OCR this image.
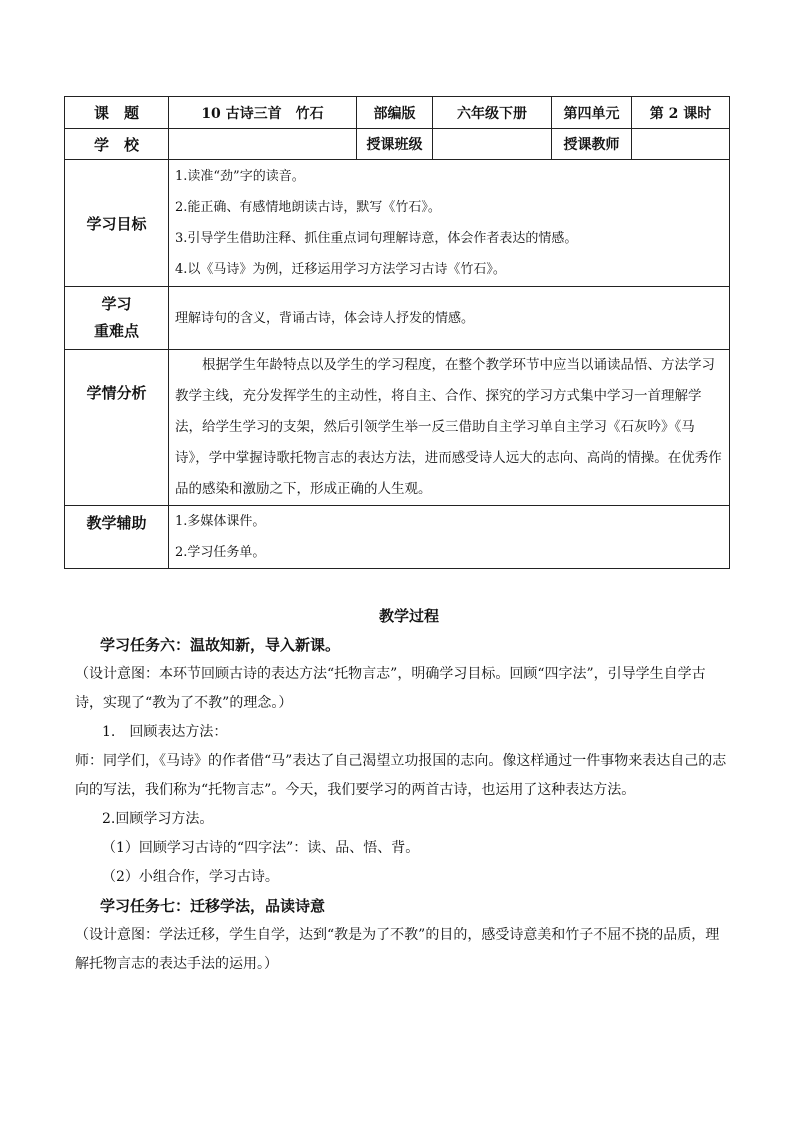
课　题	10 古诗三首　竹石	部编版	六年级下册	第四单元	第 2 课时
学　校		授课班级		授课教师	
学习目标	1.读准“劲”字的读音。
2.能正确、有感情地朗读古诗，默写《竹石》。
3.引导学生借助注释、抓住重点词句理解诗意，体会作者表达的情感。
4.以《马诗》为例，迁移运用学习方法学习古诗《竹石》。				

学习
重难点	理解诗句的含义，背诵古诗，体会诗人抒发的情感。				
学情分析	根据学生年龄特点以及学生的学习程度，在整个教学环节中应当以诵读品悟、方法学习教学主线，充分发挥学生的主动性，将自主、合作、探究的学习方式集中学习一首理解学法，给学生学习的支架，然后引领学生举一反三借助自主学习单自主学习《石灰吟》《马诗》，学中掌握诗歌托物言志的表达方法，进而感受诗人远大的志向、高尚的情操。在优秀作品的感染和激励之下，形成正确的人生观。				
教学辅助	1.多媒体课件。
2.学习任务单。				
教学过程

学习任务六：温故知新，导入新课。

（设计意图：本环节回顾古诗的表达方法“托物言志”，明确学习目标。回顾“四字法”，引导学生自学古诗，实现了“教为了不教”的理念。）

1.　回顾表达方法：

师：同学们，《马诗》的作者借“马”表达了自己渴望立功报国的志向。像这样通过一件事物来表达自己的志向的写法，我们称为“托物言志”。今天，我们要学习的两首古诗，也运用了这种表达方法。

2.回顾学习方法。

（1）回顾学习古诗的“四字法”：读、品、悟、背。

（2）小组合作，学习古诗。

学习任务七：迁移学法，品读诗意

（设计意图：学法迁移，学生自学，达到“教是为了不教”的目的，感受诗意美和竹子不屈不挠的品质，理解托物言志的表达手法的运用。）
